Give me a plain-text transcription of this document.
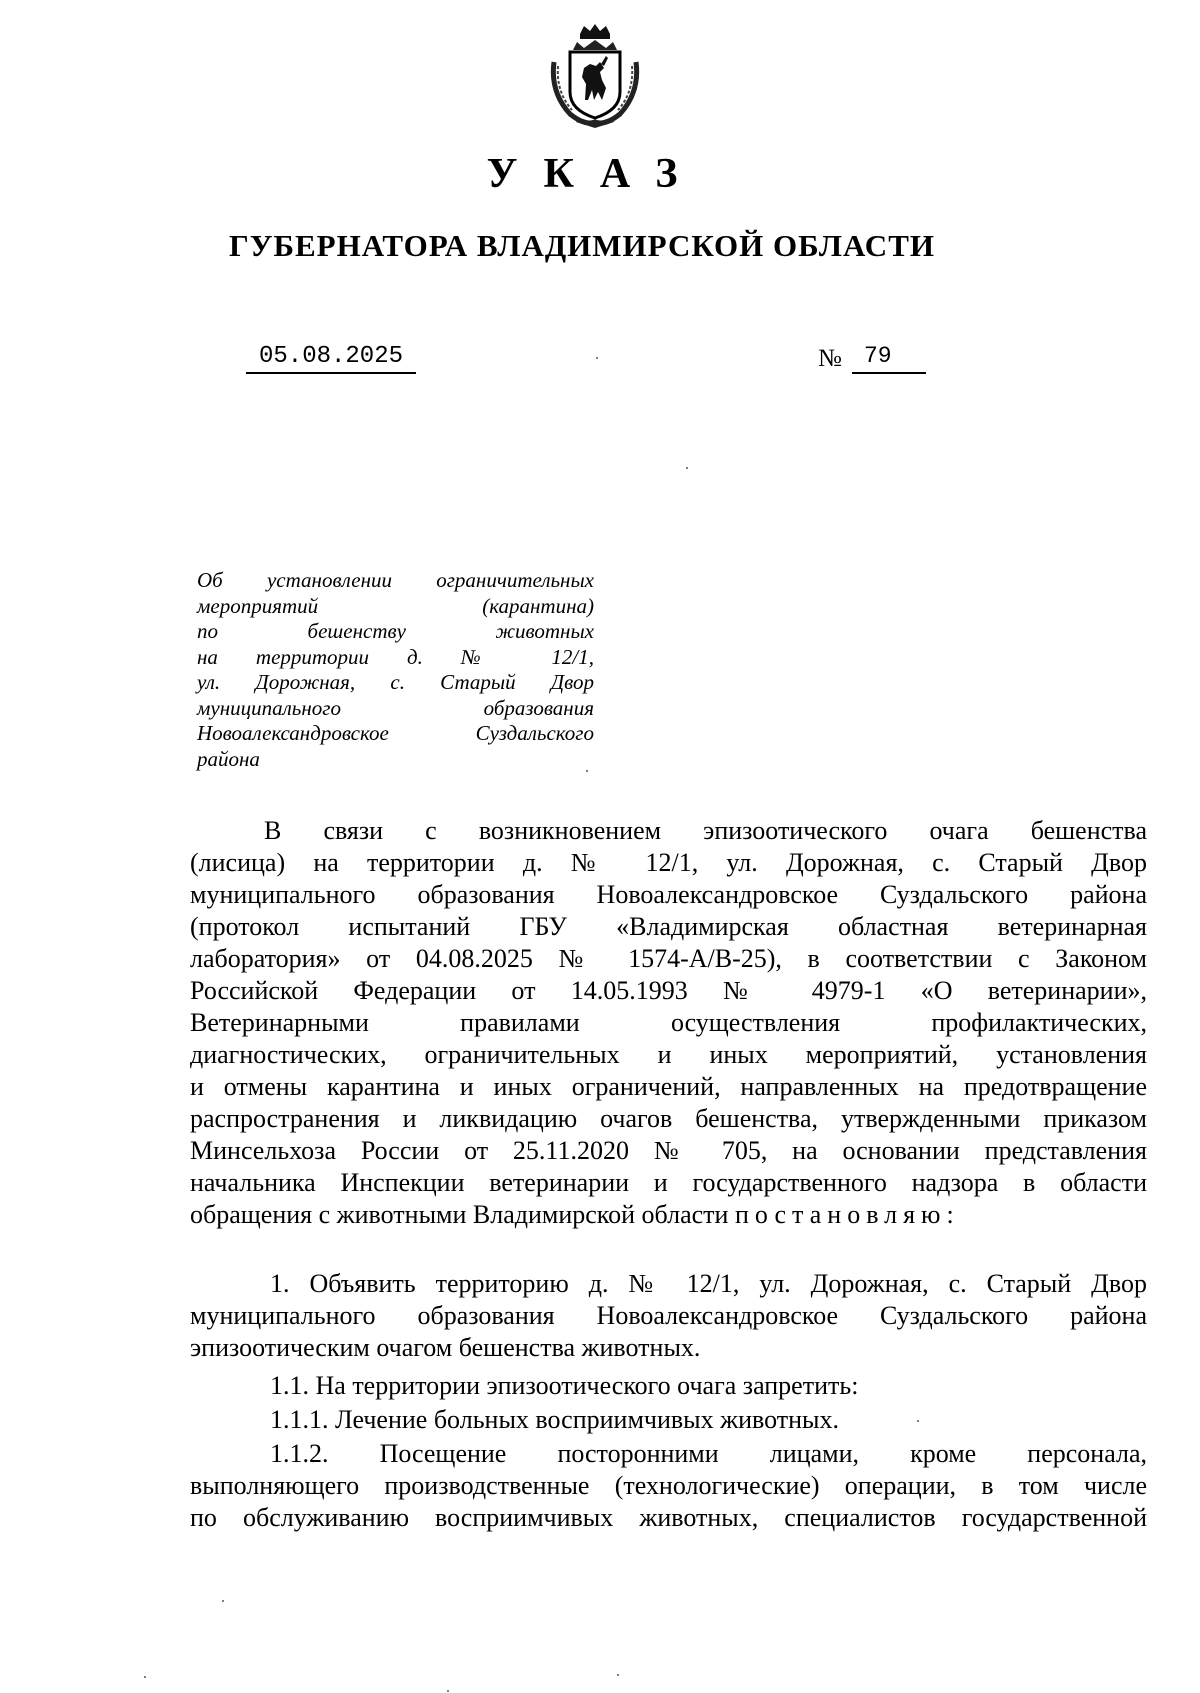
УКАЗ
ГУБЕРНАТОРА ВЛАДИМИРСКОЙ ОБЛАСТИ
05.08.2025	№ 79
Об установлении ограничительных
мероприятий (карантина)
по бешенству животных
на территории д. № 12/1,
ул. Дорожная, с. Старый Двор
муниципального образования
Новоалександровское Суздальского
района
В связи с возникновением эпизоотического очага бешенства
(лисица) на территории д. № 12/1, ул. Дорожная, с. Старый Двор
муниципального образования Новоалександровское Суздальского района
(протокол испытаний ГБУ «Владимирская областная ветеринарная
лаборатория» от 04.08.2025 № 1574-А/В-25), в соответствии с Законом
Российской Федерации от 14.05.1993 № 4979-1 «О ветеринарии»,
Ветеринарными правилами осуществления профилактических,
диагностических, ограничительных и иных мероприятий, установления
и отмены карантина и иных ограничений, направленных на предотвращение
распространения и ликвидацию очагов бешенства, утвержденными приказом
Минсельхоза России от 25.11.2020 № 705, на основании представления
начальника Инспекции ветеринарии и государственного надзора в области
обращения с животными Владимирской области постановляю:
1. Объявить территорию д. № 12/1, ул. Дорожная, с. Старый Двор
муниципального образования Новоалександровское Суздальского района
эпизоотическим очагом бешенства животных.
1.1. На территории эпизоотического очага запретить:
1.1.1. Лечение больных восприимчивых животных.
1.1.2. Посещение посторонними лицами, кроме персонала,
выполняющего производственные (технологические) операции, в том числе
по обслуживанию восприимчивых животных, специалистов государственной
